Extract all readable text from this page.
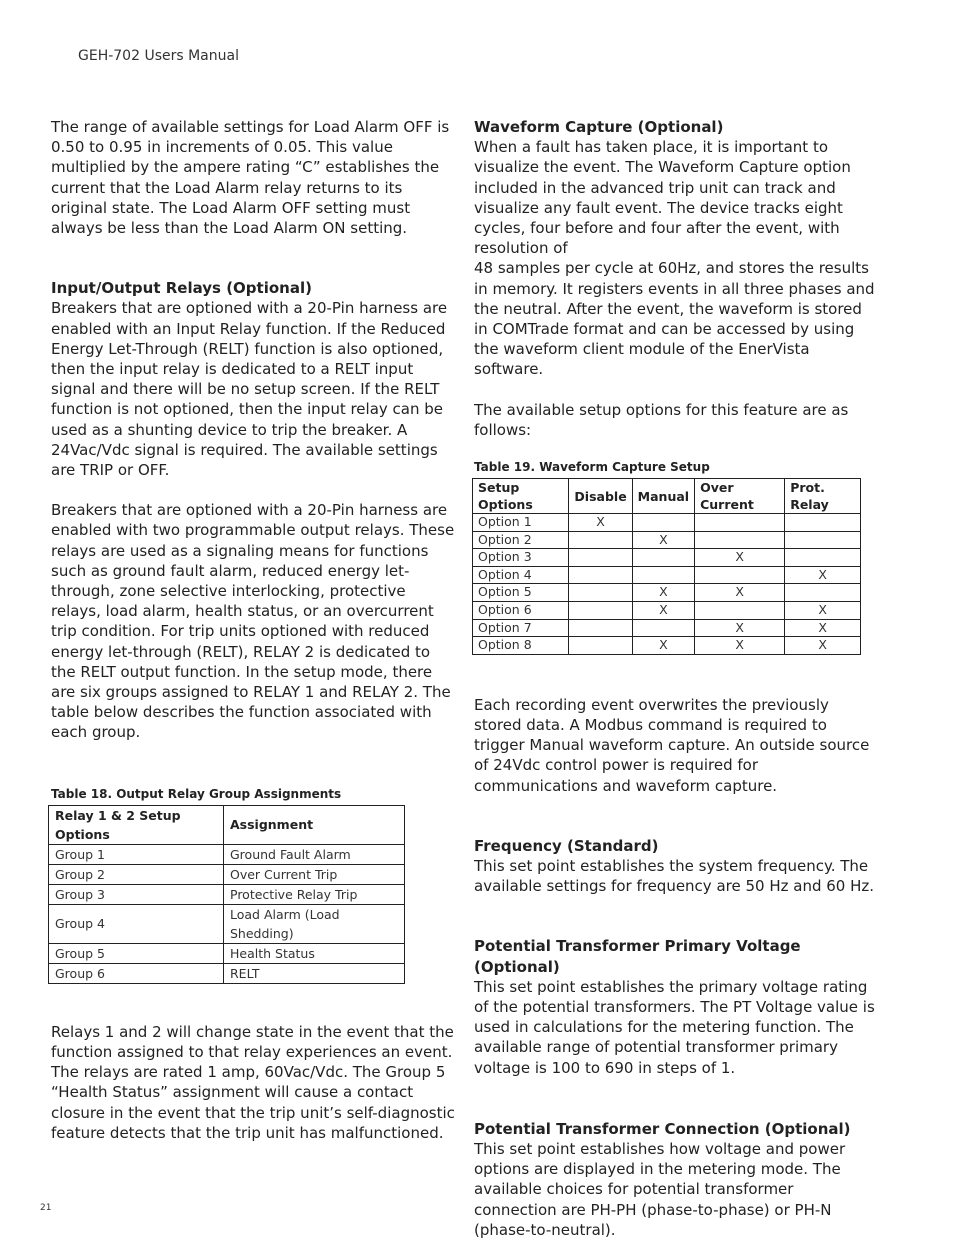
GEH-702 Users Manual

The range of available settings for Load Alarm OFF is 0.50 to 0.95 in increments of 0.05. This value multiplied by the ampere rating “C” establishes the current that the Load Alarm relay returns to its original state. The Load Alarm OFF setting must always be less than the Load Alarm ON setting.

Input/Output Relays (Optional)

Breakers that are optioned with a 20-Pin harness are enabled with an Input Relay function. If the Reduced Energy Let-Through (RELT) function is also optioned, then the input relay is dedicated to a RELT input signal and there will be no setup screen. If the RELT function is not optioned, then the input relay can be used as a shunting device to trip the breaker. A 24Vac/Vdc signal is required. The available settings are TRIP or OFF.

Breakers that are optioned with a 20-Pin harness are enabled with two programmable output relays. These relays are used as a signaling means for functions such as ground fault alarm, reduced energy let-through, zone selective interlocking, protective relays, load alarm, health status, or an overcurrent trip condition. For trip units optioned with reduced energy let-through (RELT), RELAY 2 is dedicated to the RELT output function. In the setup mode, there are six groups assigned to RELAY 1 and RELAY 2. The table below describes the function associated with each group.

Table 18. Output Relay Group Assignments
Relay 1 & 2 Setup Options	Assignment
Group 1	Ground Fault Alarm
Group 2	Over Current Trip
Group 3	Protective Relay Trip
Group 4	Load Alarm (Load Shedding)
Group 5	Health Status
Group 6	RELT

Relays 1 and 2 will change state in the event that the function assigned to that relay experiences an event. The relays are rated 1 amp, 60Vac/Vdc. The Group 5 “Health Status” assignment will cause a contact closure in the event that the trip unit’s self-diagnostic feature detects that the trip unit has malfunctioned.

Waveform Capture (Optional)

When a fault has taken place, it is important to visualize the event. The Waveform Capture option included in the advanced trip unit can track and visualize any fault event. The device tracks eight cycles, four before and four after the event, with resolution of

48 samples per cycle at 60Hz, and stores the results in memory. It registers events in all three phases and the neutral. After the event, the waveform is stored in COMTrade format and can be accessed by using the waveform client module of the EnerVista software.

The available setup options for this feature are as follows:

Table 19. Waveform Capture Setup
Setup Options	Disable	Manual	Over Current	Prot. Relay
Option 1	X			
Option 2		X		
Option 3			X	
Option 4				X
Option 5		X	X	
Option 6		X		X
Option 7			X	X
Option 8		X	X	X

Each recording event overwrites the previously stored data. A Modbus command is required to trigger Manual waveform capture. An outside source of 24Vdc control power is required for communications and waveform capture.

Frequency (Standard)

This set point establishes the system frequency. The available settings for frequency are 50 Hz and 60 Hz.

Potential Transformer Primary Voltage (Optional)

This set point establishes the primary voltage rating of the potential transformers. The PT Voltage value is used in calculations for the metering function. The available range of potential transformer primary voltage is 100 to 690 in steps of 1.

Potential Transformer Connection (Optional) This set point establishes how voltage and power options are displayed in the metering mode. The available choices for potential transformer connection are PH-PH (phase-to-phase) or PH-N (phase-to-neutral).

21
